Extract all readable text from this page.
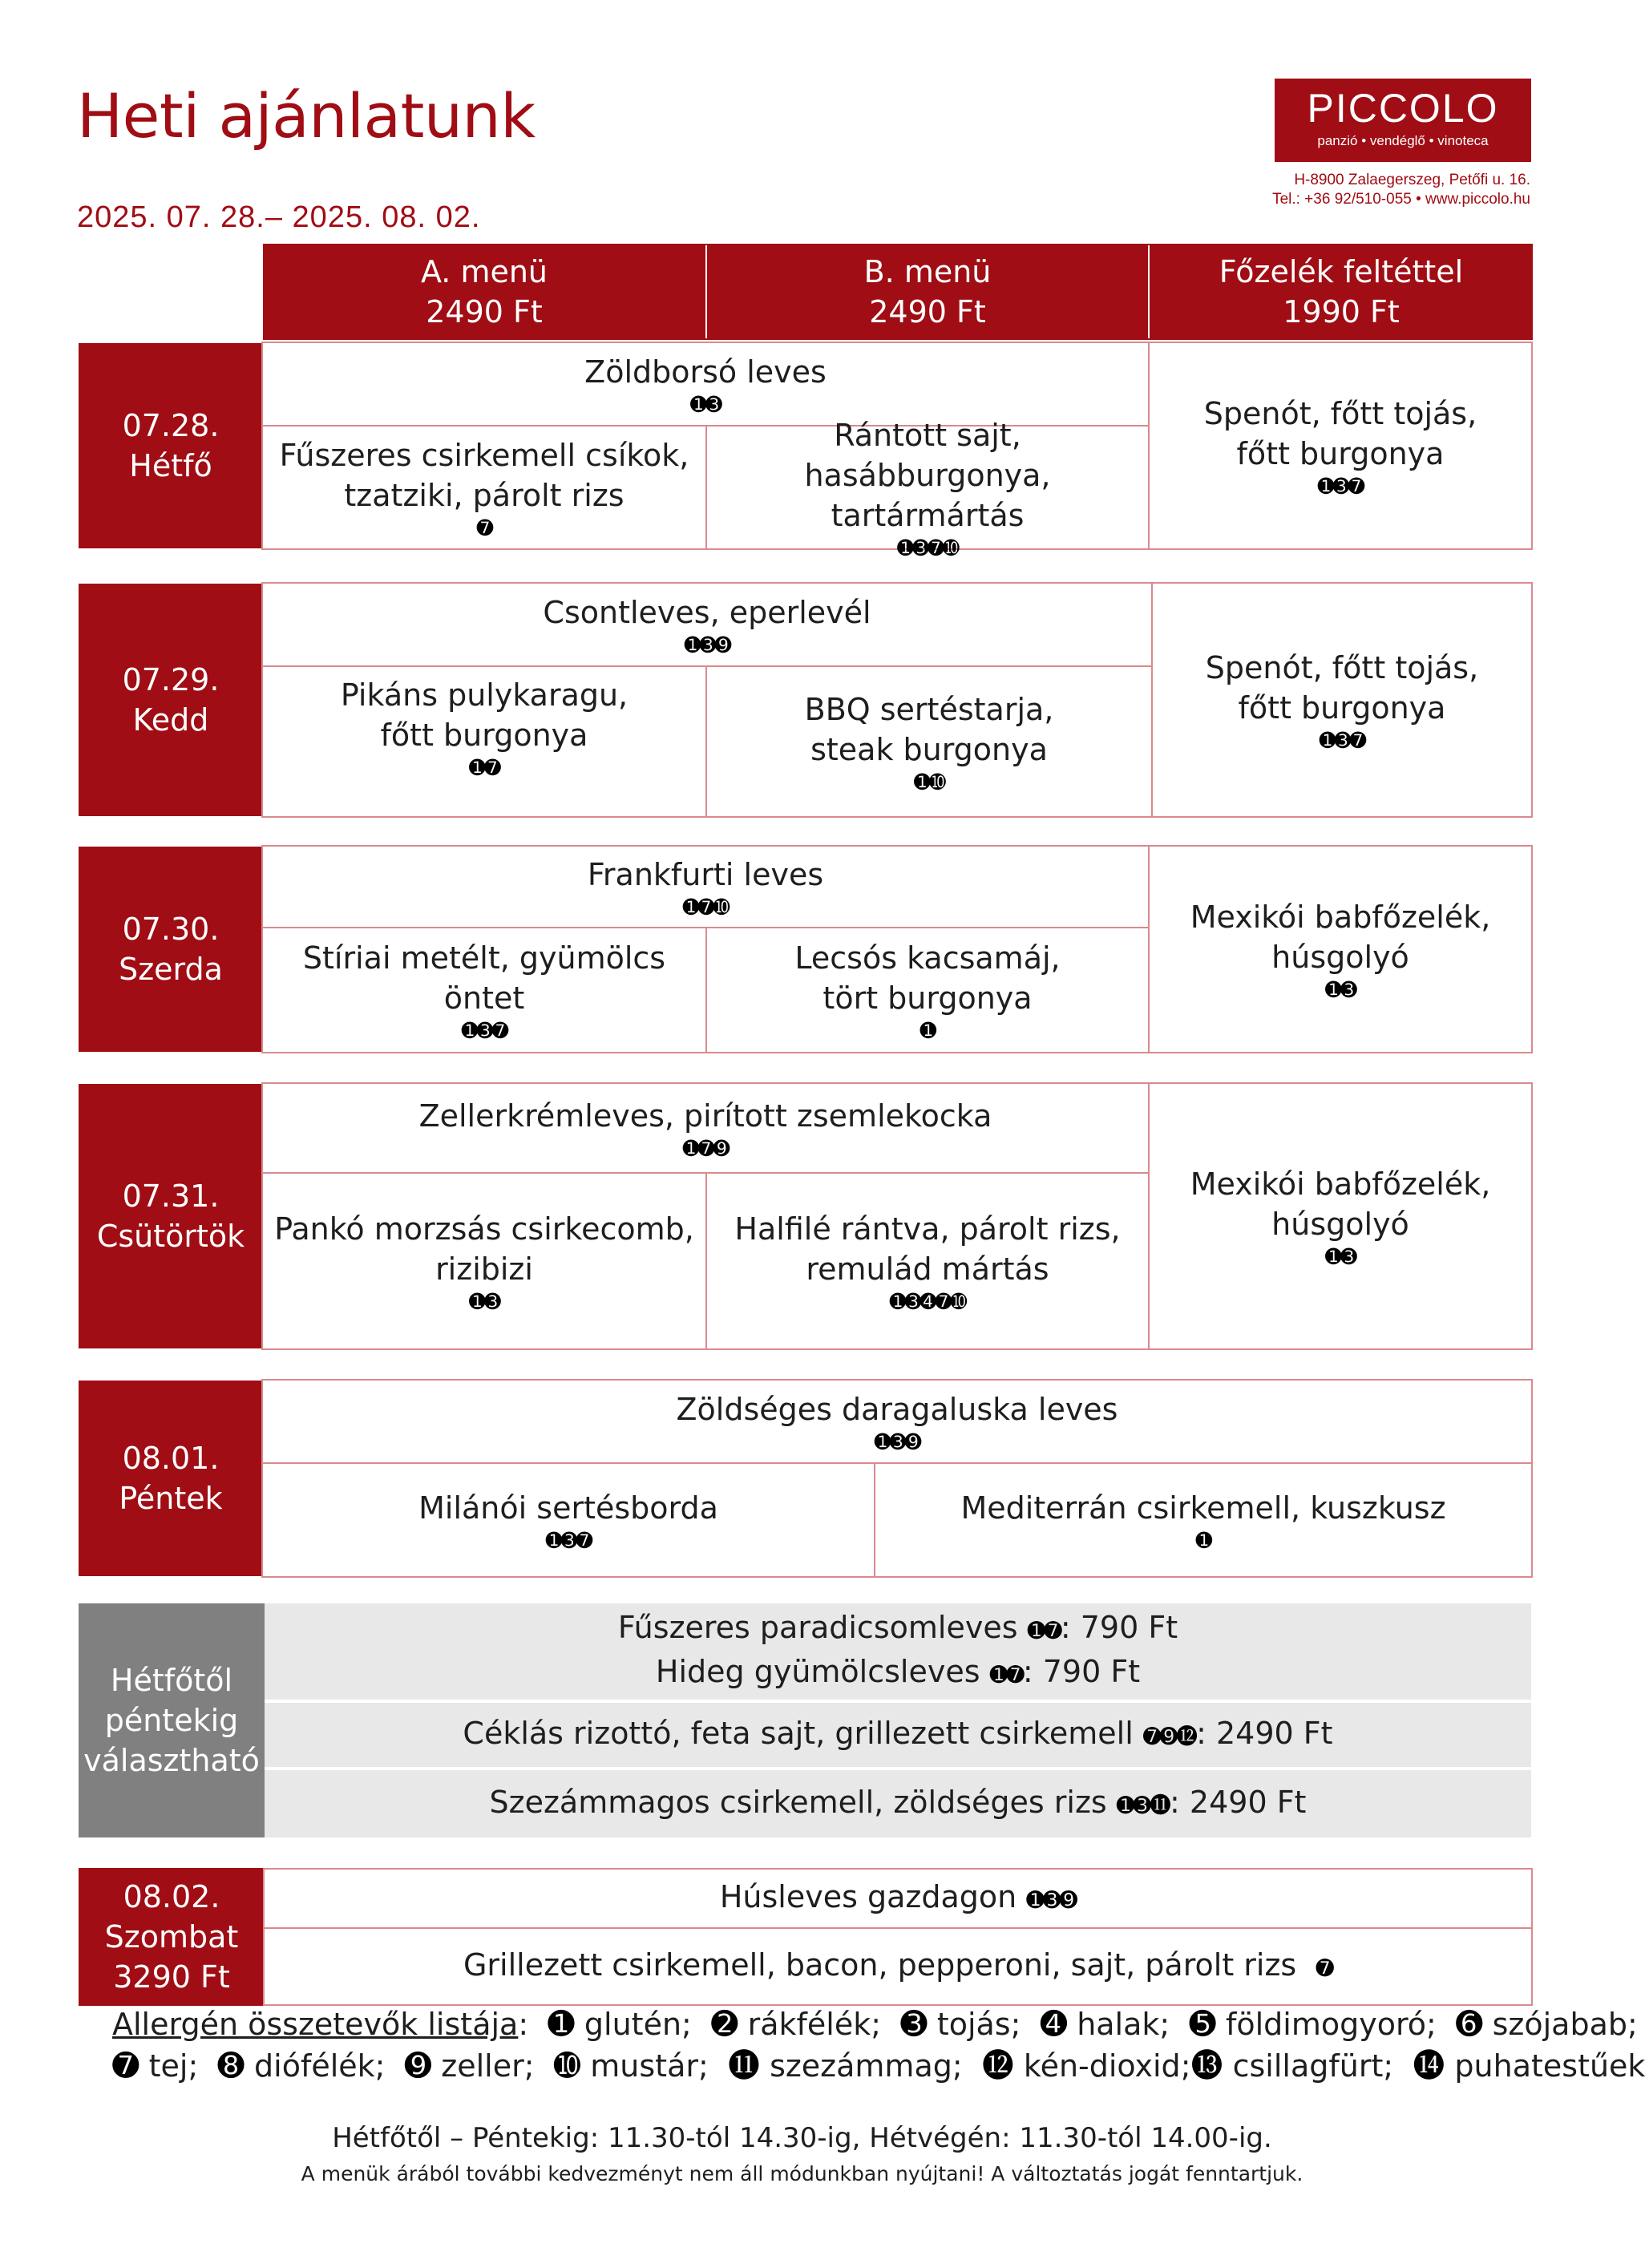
Heti ajánlatunk
2025. 07. 28.– 2025. 08. 02.
PICCOLO
panzió • vendéglő • vinoteca
H-8900 Zalaegerszeg, Petőfi u. 16.
Tel.: +36 92/510-055 • www.piccolo.hu
A. menü
2490 Ft
B. menü
2490 Ft
Főzelék feltéttel
1990 Ft
07.28.
Hétfő
Zöldborsó leves
➊➌
Fűszeres csirkemell csíkok,
tzatziki, párolt rizs
➐
Rántott sajt, hasábburgonya,
tartármártás
➊➌➐➓
Spenót, főtt tojás,
főtt burgonya
➊➌➐
07.29.
Kedd
Csontleves, eperlevél
➊➌➒
Pikáns pulykaragu,
főtt burgonya
➊➐
BBQ sertéstarja,
steak burgonya
➊➓
Spenót, főtt tojás,
főtt burgonya
➊➌➐
07.30.
Szerda
Frankfurti leves
➊➐➓
Stíriai metélt, gyümölcs öntet
➊➌➐
Lecsós kacsamáj,
tört burgonya
➊
Mexikói babfőzelék,
húsgolyó
➊➌
07.31.
Csütörtök
Zellerkrémleves, pirított zsemlekocka
➊➐➒
Pankó morzsás csirkecomb,
rizibizi
➊➌
Halfilé rántva, párolt rizs,
remulád mártás
➊➌➍➐➓
Mexikói babfőzelék,
húsgolyó
➊➌
08.01.
Péntek
Zöldséges daragaluska leves
➊➌➒
Milánói sertésborda
➊➌➐
Mediterrán csirkemell, kuszkusz
➊
Hétfőtől
péntekig
választható
Fűszeres paradicsomleves ➊➐: 790 Ft
Hideg gyümölcsleves ➊➐: 790 Ft
Céklás rizottó, feta sajt, grillezett csirkemell ➐➒⓬: 2490 Ft
Szezámmagos csirkemell, zöldséges rizs ➊➌⓫: 2490 Ft
08.02.
Szombat
3290 Ft
Húsleves gazdagon ➊➌➒
Grillezett csirkemell, bacon, pepperoni, sajt, párolt rizs ➐
Allergén összetevők listája:  ➊ glutén;  ➋ rákfélék;  ➌ tojás;  ➍ halak;  ➎ földimogyoró;  ➏ szójabab;
➐ tej;  ➑ diófélék;  ➒ zeller;  ➓ mustár;  ⓫ szezámmag;  ⓬ kén-dioxid;⓭ csillagfürt;  ⓮ puhatestűek
Hétfőtől – Péntekig: 11.30-tól 14.30-ig, Hétvégén: 11.30-tól 14.00-ig.
A menük árából további kedvezményt nem áll módunkban nyújtani! A változtatás jogát fenntartjuk.
